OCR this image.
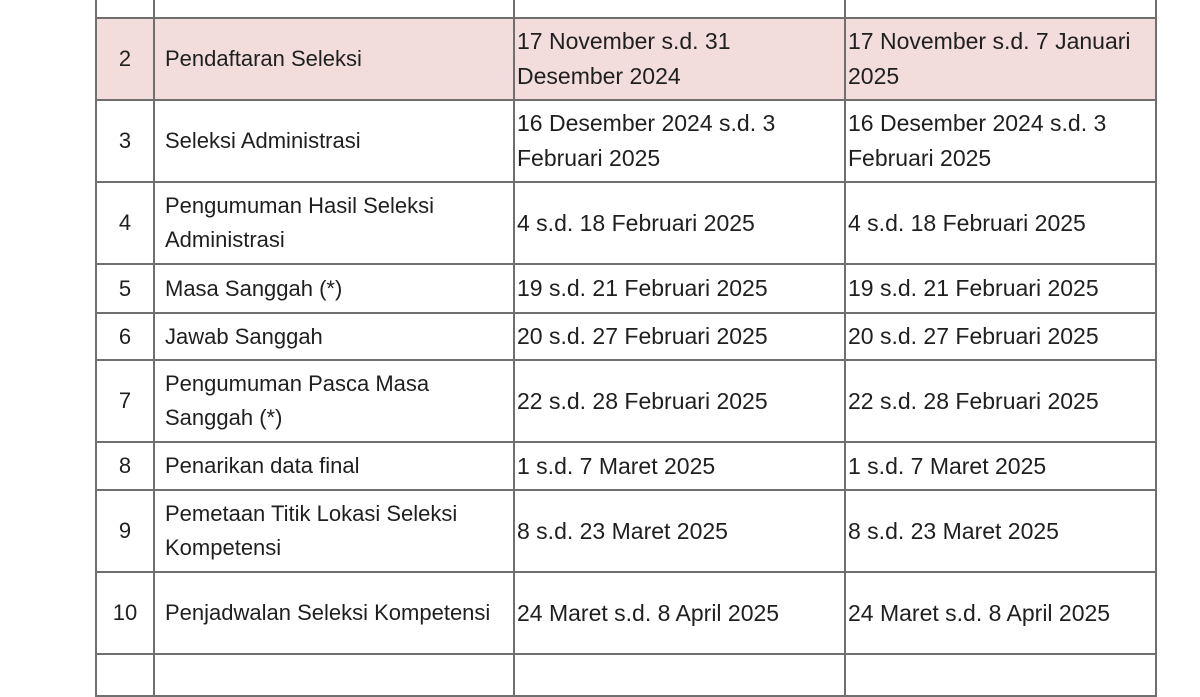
2	Pendaftaran Seleksi	17 November s.d. 31 Desember 2024	17 November s.d. 7 Januari 2025
3	Seleksi Administrasi	16 Desember 2024 s.d. 3 Februari 2025	16 Desember 2024 s.d. 3 Februari 2025
4	Pengumuman Hasil Seleksi Administrasi	4 s.d. 18 Februari 2025	4 s.d. 18 Februari 2025
5	Masa Sanggah (*)	19 s.d. 21 Februari 2025	19 s.d. 21 Februari 2025
6	Jawab Sanggah	20 s.d. 27 Februari 2025	20 s.d. 27 Februari 2025
7	Pengumuman Pasca Masa Sanggah (*)	22 s.d. 28 Februari 2025	22 s.d. 28 Februari 2025
8	Penarikan data final	1 s.d. 7 Maret 2025	1 s.d. 7 Maret 2025
9	Pemetaan Titik Lokasi Seleksi Kompetensi	8 s.d. 23 Maret 2025	8 s.d. 23 Maret 2025
10	Penjadwalan Seleksi Kompetensi	24 Maret s.d. 8 April 2025	24 Maret s.d. 8 April 2025
